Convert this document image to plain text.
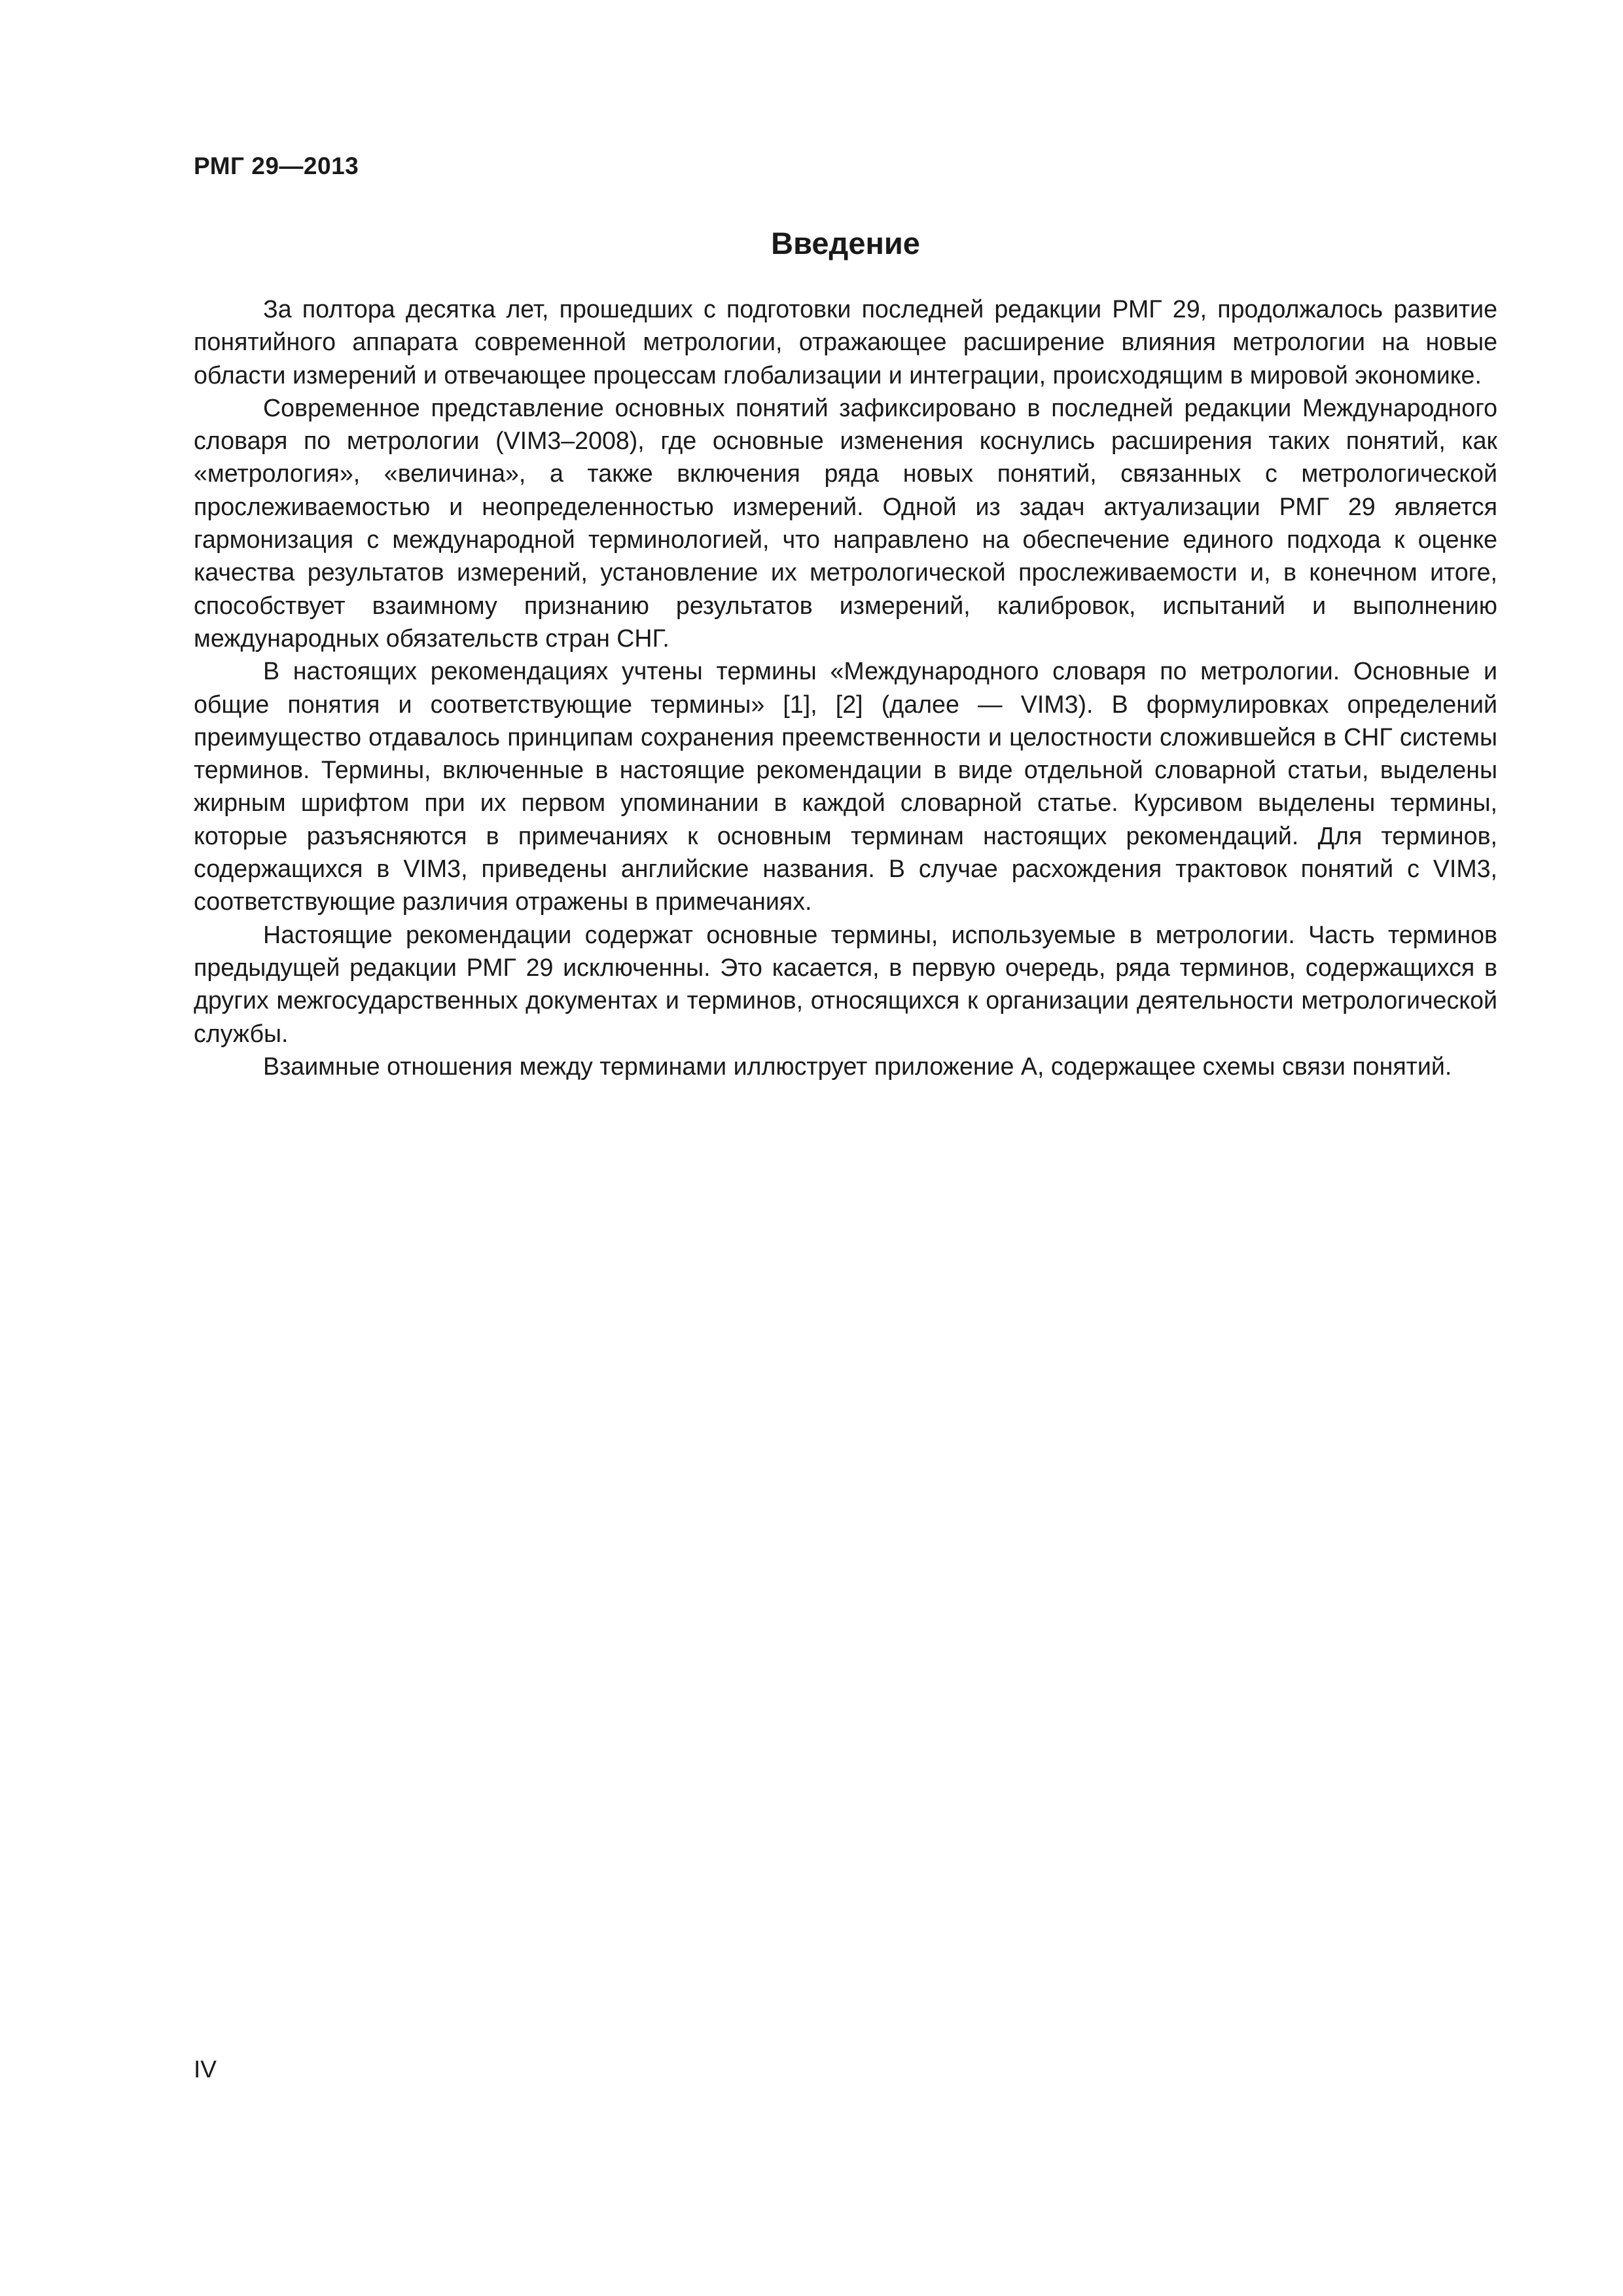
РМГ 29—2013
Введение

За полтора десятка лет, прошедших с подготовки последней редакции РМГ 29, продолжалось развитие понятийного аппарата современной метрологии, отражающее расширение влияния метрологии на новые области измерений и отвечающее процессам глобализации и интеграции, происходящим в мировой экономике.

Современное представление основных понятий зафиксировано в последней редакции Международного словаря по метрологии (VIM3–2008), где основные изменения коснулись расширения таких понятий, как «метрология», «величина», а также включения ряда новых понятий, связанных с метрологической прослеживаемостью и неопределенностью измерений. Одной из задач актуализации РМГ 29 является гармонизация с международной терминологией, что направлено на обеспечение единого подхода к оценке качества результатов измерений, установление их метрологической прослеживаемости и, в конечном итоге, способствует взаимному признанию результатов измерений, калибровок, испытаний и выполнению международных обязательств стран СНГ.

В настоящих рекомендациях учтены термины «Международного словаря по метрологии. Основные и общие понятия и соответствующие термины» [1], [2] (далее — VIM3). В формулировках определений преимущество отдавалось принципам сохранения преемственности и целостности сложившейся в СНГ системы терминов. Термины, включенные в настоящие рекомендации в виде отдельной словарной статьи, выделены жирным шрифтом при их первом упоминании в каждой словарной статье. Курсивом выделены термины, которые разъясняются в примечаниях к основным терминам настоящих рекомендаций. Для терминов, содержащихся в VIM3, приведены английские названия. В случае расхождения трактовок понятий с VIM3, соответствующие различия отражены в примечаниях.

Настоящие рекомендации содержат основные термины, используемые в метрологии. Часть терминов предыдущей редакции РМГ 29 исключенны. Это касается, в первую очередь, ряда терминов, содержащихся в других межгосударственных документах и терминов, относящихся к организации деятельности метрологической службы.

Взаимные отношения между терминами иллюструет приложение А, содержащее схемы связи понятий.

IV
